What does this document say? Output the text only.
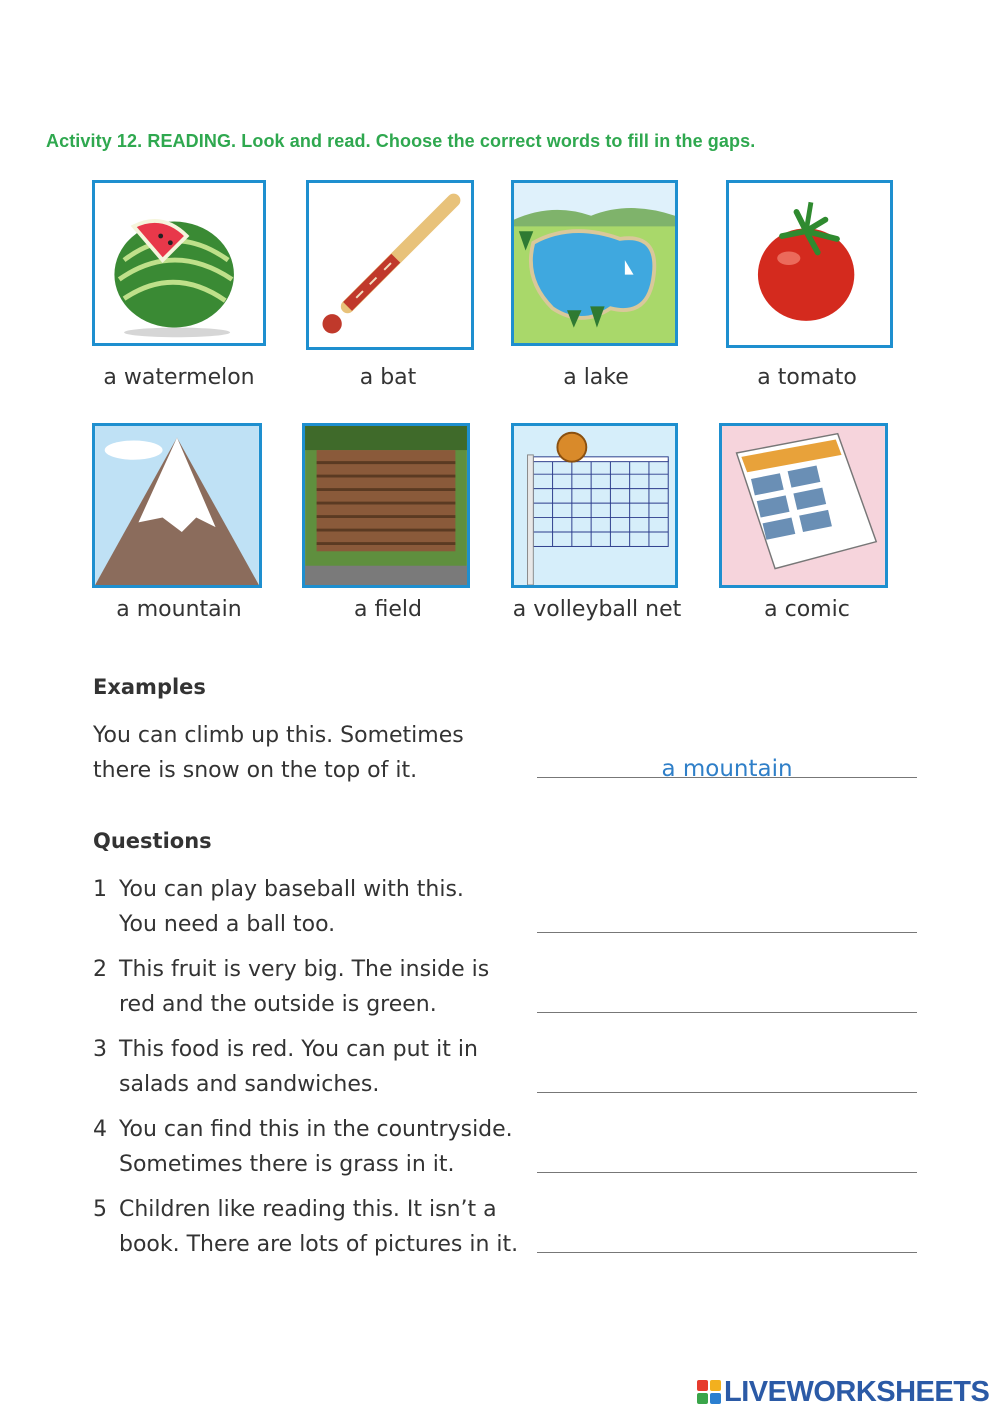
Activity 12. READING. Look and read. Choose the correct words to fill in the gaps.
a watermelon	a bat	a lake	a tomato
a mountain	a field	a volleyball net	a comic
Examples
You can climb up this. Sometimes
there is snow on the top of it.	a mountain
Questions
1 You can play baseball with this.
You need a ball too.
2 This fruit is very big. The inside is
red and the outside is green.
3 This food is red. You can put it in
salads and sandwiches.
4 You can find this in the countryside.
Sometimes there is grass in it.
5 Children like reading this. It isn’t a
book. There are lots of pictures in it.
LIVEWORKSHEETS
